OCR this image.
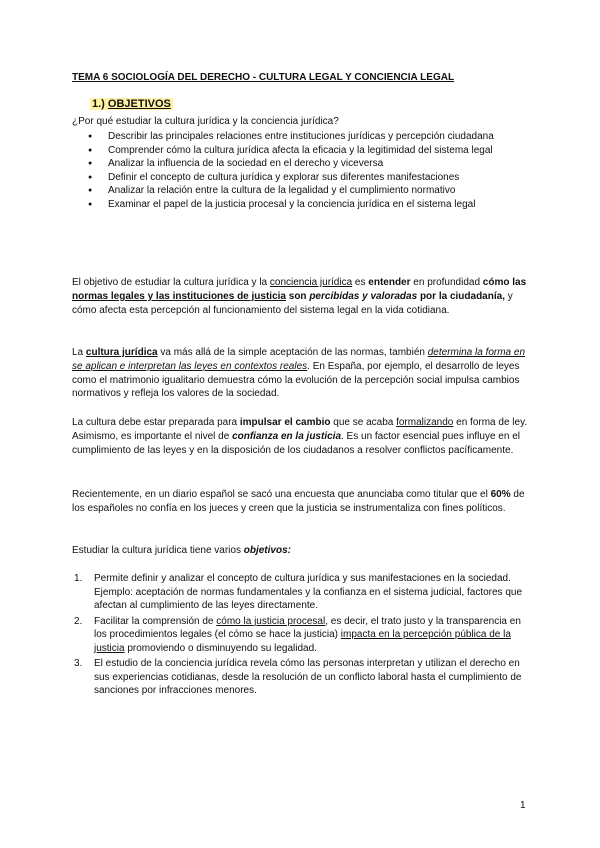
TEMA 6 SOCIOLOGÍA DEL DERECHO - CULTURA LEGAL Y CONCIENCIA LEGAL
1.) OBJETIVOS
¿Por qué estudiar la cultura jurídica y la conciencia jurídica?
● Describir las principales relaciones entre instituciones jurídicas y percepción ciudadana
● Comprender cómo la cultura jurídica afecta la eficacia y la legitimidad del sistema legal
● Analizar la influencia de la sociedad en el derecho y viceversa
● Definir el concepto de cultura jurídica y explorar sus diferentes manifestaciones
● Analizar la relación entre la cultura de la legalidad y el cumplimiento normativo
● Examinar el papel de la justicia procesal y la conciencia jurídica en el sistema legal

El objetivo de estudiar la cultura jurídica y la conciencia jurídica es entender en profundidad cómo las normas legales y las instituciones de justicia son percibidas y valoradas por la ciudadanía, y cómo afecta esta percepción al funcionamiento del sistema legal en la vida cotidiana.

La cultura jurídica va más allá de la simple aceptación de las normas, también determina la forma en se aplican e interpretan las leyes en contextos reales. En España, por ejemplo, el desarrollo de leyes como el matrimonio igualitario demuestra cómo la evolución de la percepción social impulsa cambios normativos y refleja los valores de la sociedad.

La cultura debe estar preparada para impulsar el cambio que se acaba formalizando en forma de ley. Asimismo, es importante el nivel de confianza en la justicia. Es un factor esencial pues influye en el cumplimiento de las leyes y en la disposición de los ciudadanos a resolver conflictos pacíficamente.

Recientemente, en un diario español se sacó una encuesta que anunciaba como titular que el 60% de los españoles no confía en los jueces y creen que la justicia se instrumentaliza con fines políticos.

Estudiar la cultura jurídica tiene varios objetivos:

1. Permite definir y analizar el concepto de cultura jurídica y sus manifestaciones en la sociedad. Ejemplo: aceptación de normas fundamentales y la confianza en el sistema judicial, factores que afectan al cumplimiento de las leyes directamente.
2. Facilitar la comprensión de cómo la justicia procesal, es decir, el trato justo y la transparencia en los procedimientos legales (el cómo se hace la justicia) impacta en la percepción pública de la justicia promoviendo o disminuyendo su legalidad.
3. El estudio de la conciencia jurídica revela cómo las personas interpretan y utilizan el derecho en sus experiencias cotidianas, desde la resolución de un conflicto laboral hasta el cumplimiento de sanciones por infracciones menores.
1
